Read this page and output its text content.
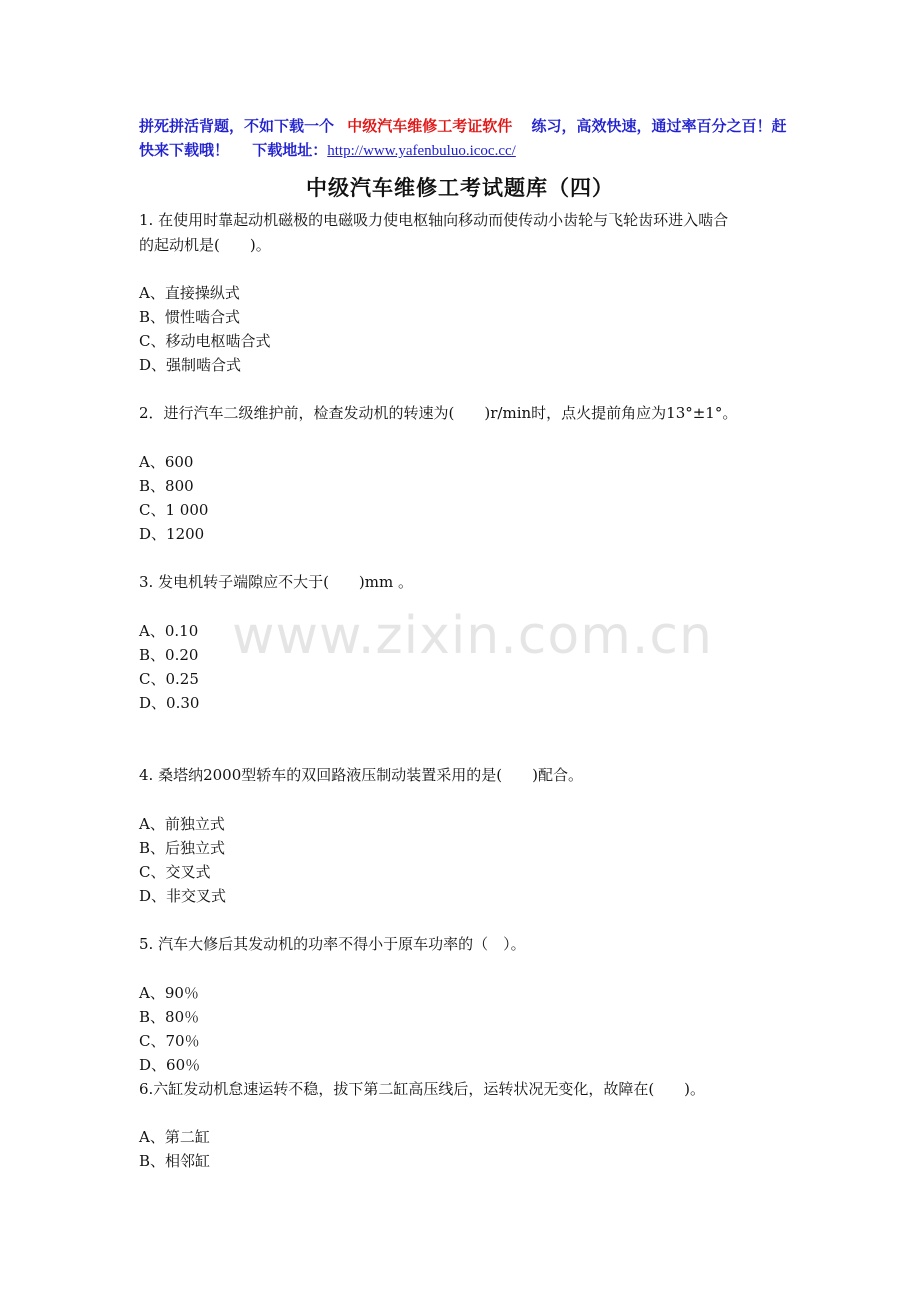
拼死拼活背题，不如下载一个 中级汽车维修工考证软件 练习，高效快速，通过率百分之百！赶快来下载哦！ 下载地址：http://www.yafenbuluo.icoc.cc/
中级汽车维修工考试题库（四）
www.zixin.com.cn
1. 在使用时靠起动机磁极的电磁吸力使电枢轴向移动而使传动小齿轮与飞轮齿环进入啮合
的起动机是(　　)。
A、直接操纵式
B、惯性啮合式
C、移动电枢啮合式
D、强制啮合式
2．进行汽车二级维护前，检查发动机的转速为(　　)r/min时，点火提前角应为13°±1°。
A、600
B、800
C、1 000
D、1200
3. 发电机转子端隙应不大于(　　)mm 。
A、0.10
B、0.20
C、0.25
D、0.30
4. 桑塔纳2000型轿车的双回路液压制动装置采用的是(　　)配合。
A、前独立式
B、后独立式
C、交叉式
D、非交叉式
5. 汽车大修后其发动机的功率不得小于原车功率的（　）。
A、90％
B、80％
C、70％
D、60％
6.六缸发动机怠速运转不稳，拔下第二缸高压线后，运转状况无变化，故障在(　　)。
A、第二缸
B、相邻缸
